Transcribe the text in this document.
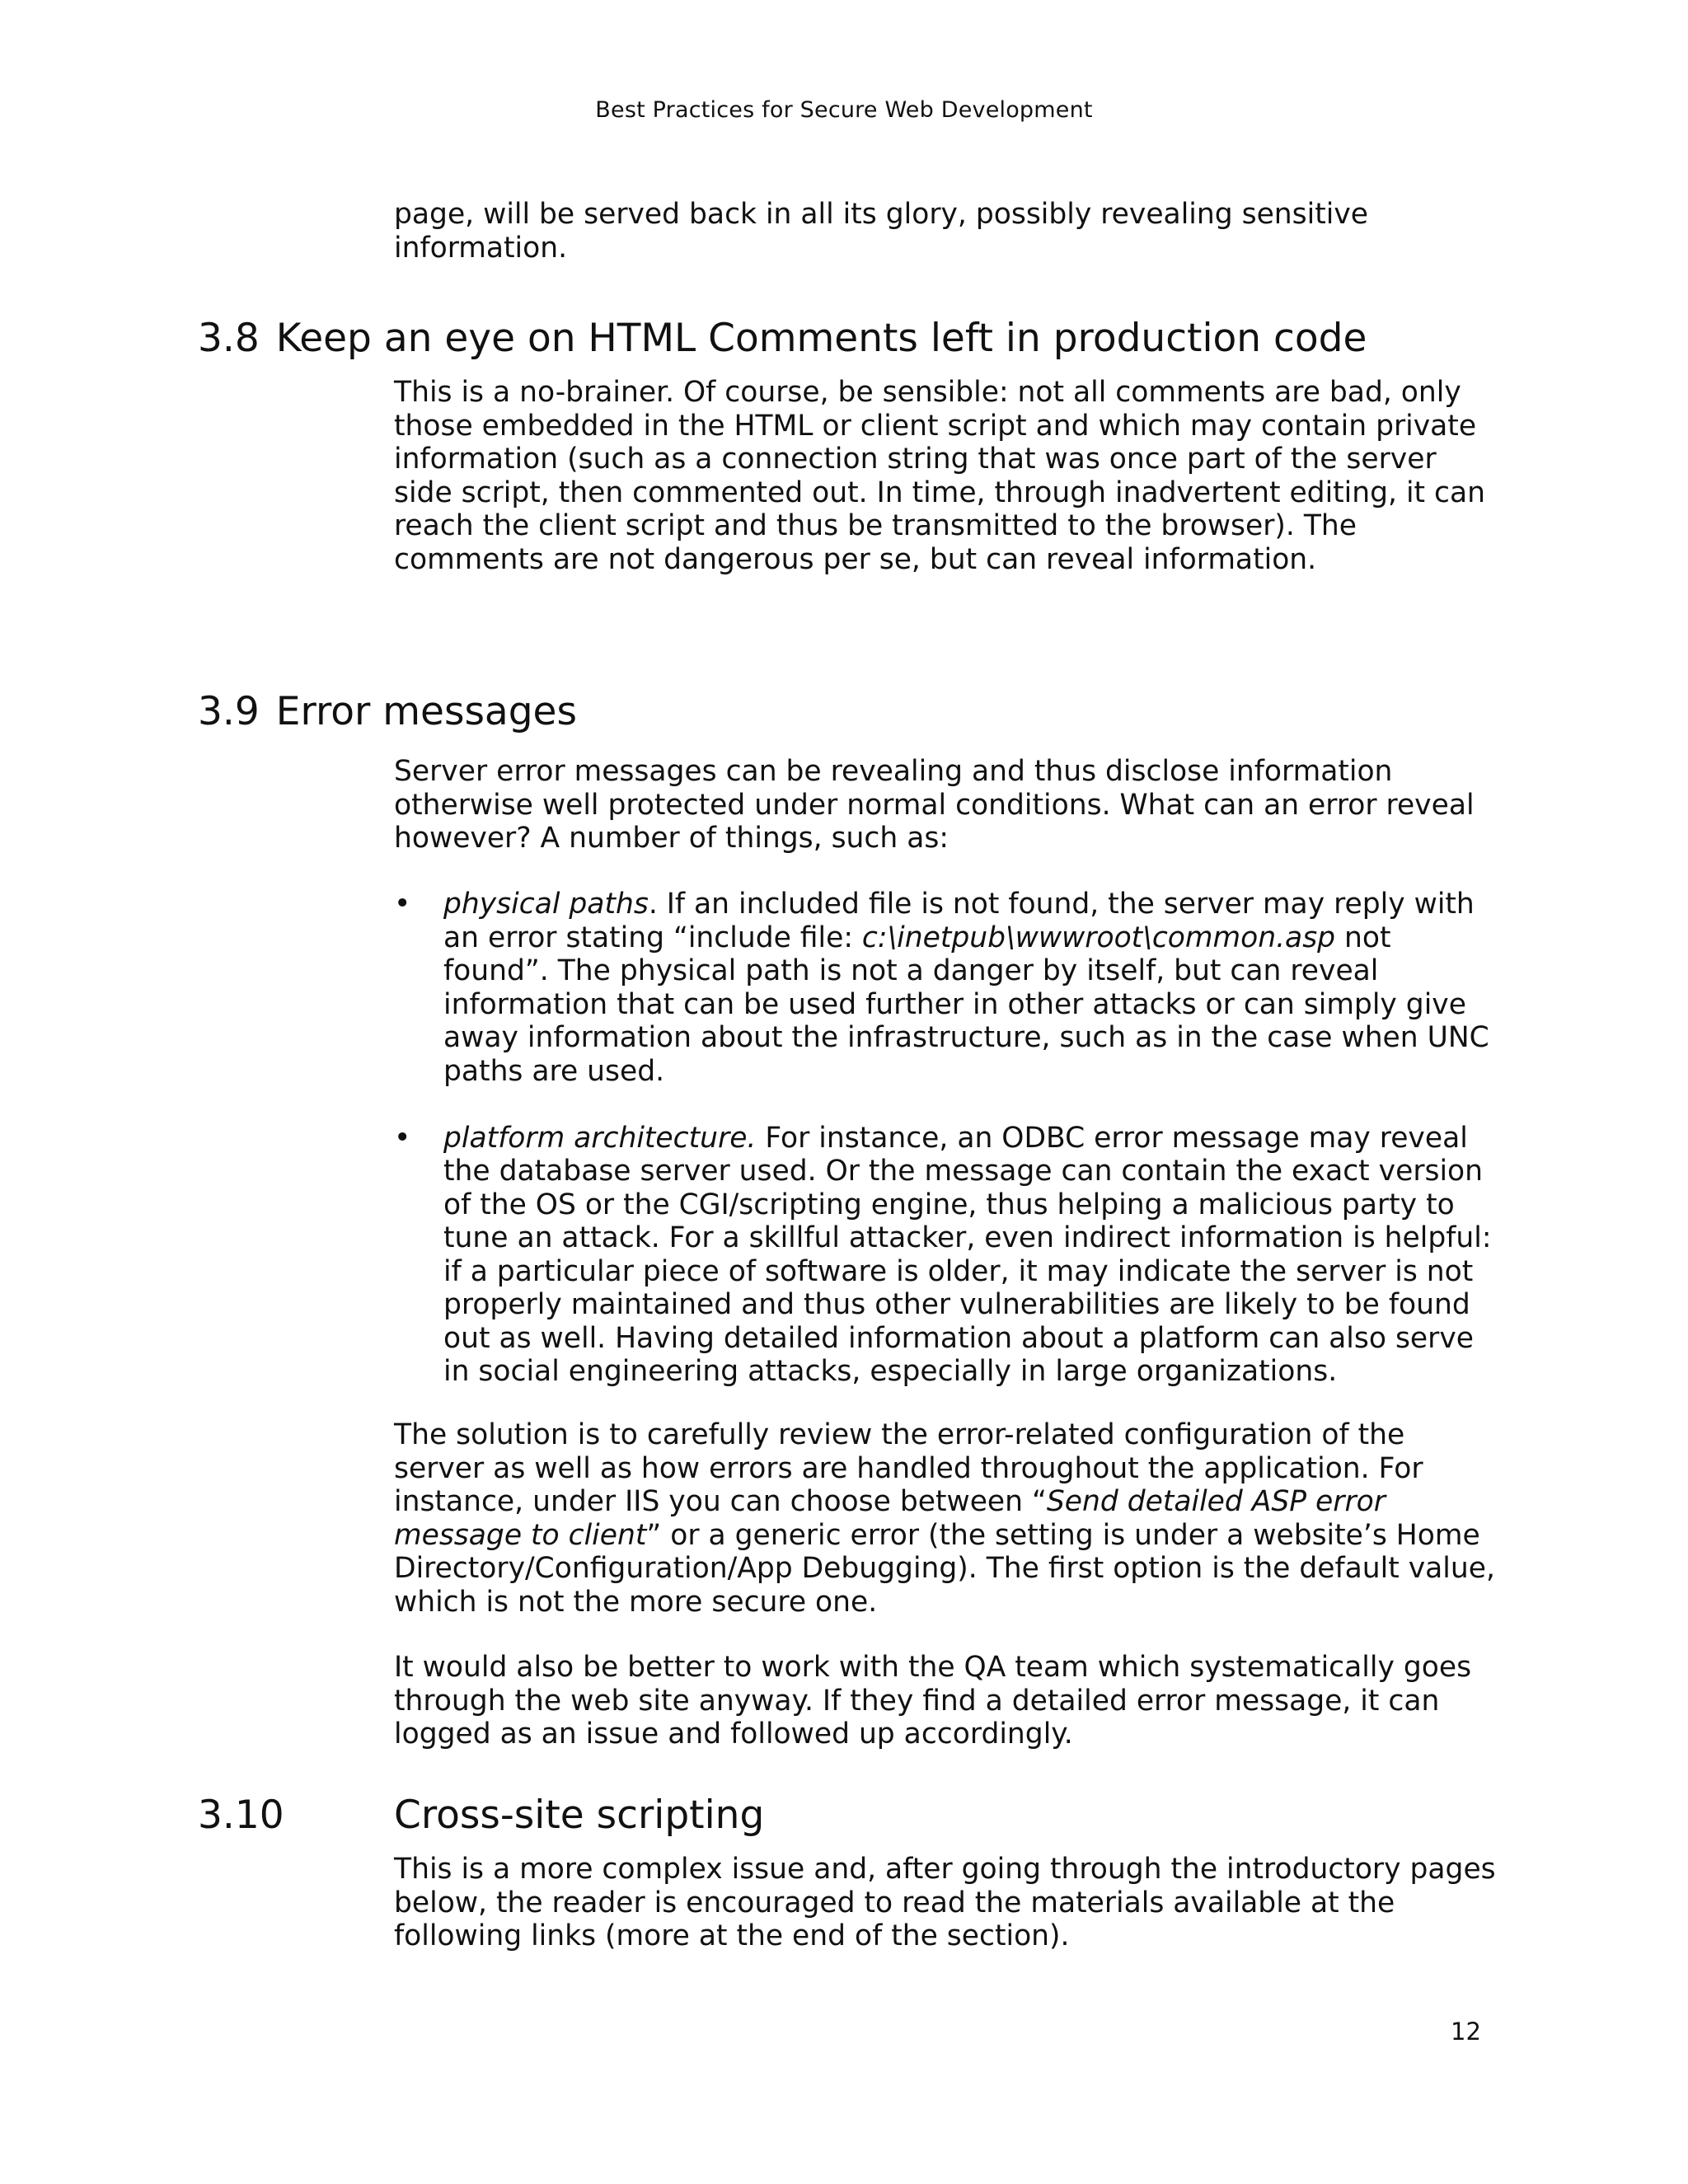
Best Practices for Secure Web Development

page, will be served back in all its glory, possibly revealing sensitive information.

3.8 Keep an eye on HTML Comments left in production code

This is a no-brainer. Of course, be sensible: not all comments are bad, only those embedded in the HTML or client script and which may contain private information (such as a connection string that was once part of the server side script, then commented out. In time, through inadvertent editing, it can reach the client script and thus be transmitted to the browser). The comments are not dangerous per se, but can reveal information.

3.9 Error messages

Server error messages can be revealing and thus disclose information otherwise well protected under normal conditions. What can an error reveal however? A number of things, such as:

• physical paths. If an included file is not found, the server may reply with an error stating “include file: c:\inetpub\wwwroot\common.asp not found”. The physical path is not a danger by itself, but can reveal information that can be used further in other attacks or can simply give away information about the infrastructure, such as in the case when UNC paths are used.
• platform architecture. For instance, an ODBC error message may reveal the database server used. Or the message can contain the exact version of the OS or the CGI/scripting engine, thus helping a malicious party to tune an attack. For a skillful attacker, even indirect information is helpful: if a particular piece of software is older, it may indicate the server is not properly maintained and thus other vulnerabilities are likely to be found out as well. Having detailed information about a platform can also serve in social engineering attacks, especially in large organizations.

The solution is to carefully review the error-related configuration of the server as well as how errors are handled throughout the application. For instance, under IIS you can choose between “Send detailed ASP error message to client” or a generic error (the setting is under a website’s Home Directory/Configuration/App Debugging). The first option is the default value, which is not the more secure one.

It would also be better to work with the QA team which systematically goes through the web site anyway. If they find a detailed error message, it can logged as an issue and followed up accordingly.

3.10	Cross-site scripting

This is a more complex issue and, after going through the introductory pages below, the reader is encouraged to read the materials available at the following links (more at the end of the section).

12
